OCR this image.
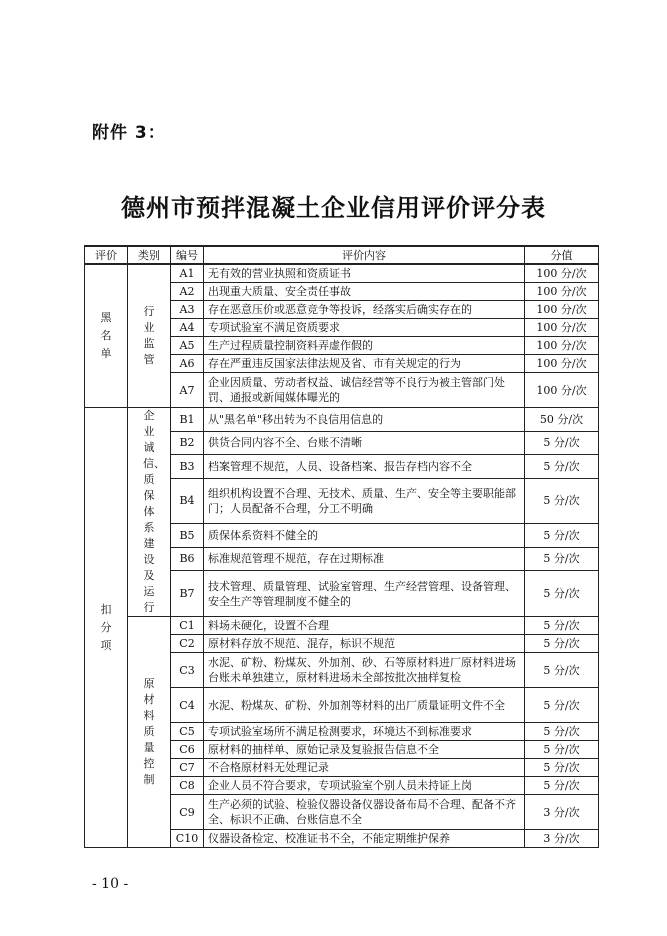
附件 3：
德州市预拌混凝土企业信用评价评分表
评价	类别	编号	评价内容	分值
黑名单	行业监管	A1	无有效的营业执照和资质证书	100 分/次
		A2	出现重大质量、安全责任事故	100 分/次
		A3	存在恶意压价或恶意竞争等投诉，经落实后确实存在的	100 分/次
		A4	专项试验室不满足资质要求	100 分/次
		A5	生产过程质量控制资料弄虚作假的	100 分/次
		A6	存在严重违反国家法律法规及省、市有关规定的行为	100 分/次
		A7	企业因质量、劳动者权益、诚信经营等不良行为被主管部门处罚、通报或新闻媒体曝光的	100 分/次
扣分项	企业诚信、质保体系建设及运行	B1	从"黑名单"移出转为不良信用信息的	50 分/次
		B2	供货合同内容不全、台账不清晰	5 分/次
		B3	档案管理不规范，人员、设备档案、报告存档内容不全	5 分/次
		B4	组织机构设置不合理、无技术、质量、生产、安全等主要职能部门；人员配备不合理，分工不明确	5 分/次
		B5	质保体系资料不健全的	5 分/次
		B6	标准规范管理不规范，存在过期标准	5 分/次
		B7	技术管理、质量管理、试验室管理、生产经营管理、设备管理、安全生产等管理制度不健全的	5 分/次
	原材料质量控制	C1	料场未硬化，设置不合理	5 分/次
		C2	原材料存放不规范、混存，标识不规范	5 分/次
		C3	水泥、矿粉、粉煤灰、外加剂、砂、石等原材料进厂原材料进场台账未单独建立，原材料进场未全部按批次抽样复检	5 分/次
		C4	水泥、粉煤灰、矿粉、外加剂等材料的出厂质量证明文件不全	5 分/次
		C5	专项试验室场所不满足检测要求，环境达不到标准要求	5 分/次
		C6	原材料的抽样单、原始记录及复验报告信息不全	5 分/次
		C7	不合格原材料无处理记录	5 分/次
		C8	企业人员不符合要求，专项试验室个别人员未持证上岗	5 分/次
		C9	生产必须的试验、检验仪器设备仪器设备布局不合理、配备不齐全、标识不正确、台账信息不全	3 分/次
		C10	仪器设备检定、校准证书不全，不能定期维护保养	3 分/次
- 10 -
